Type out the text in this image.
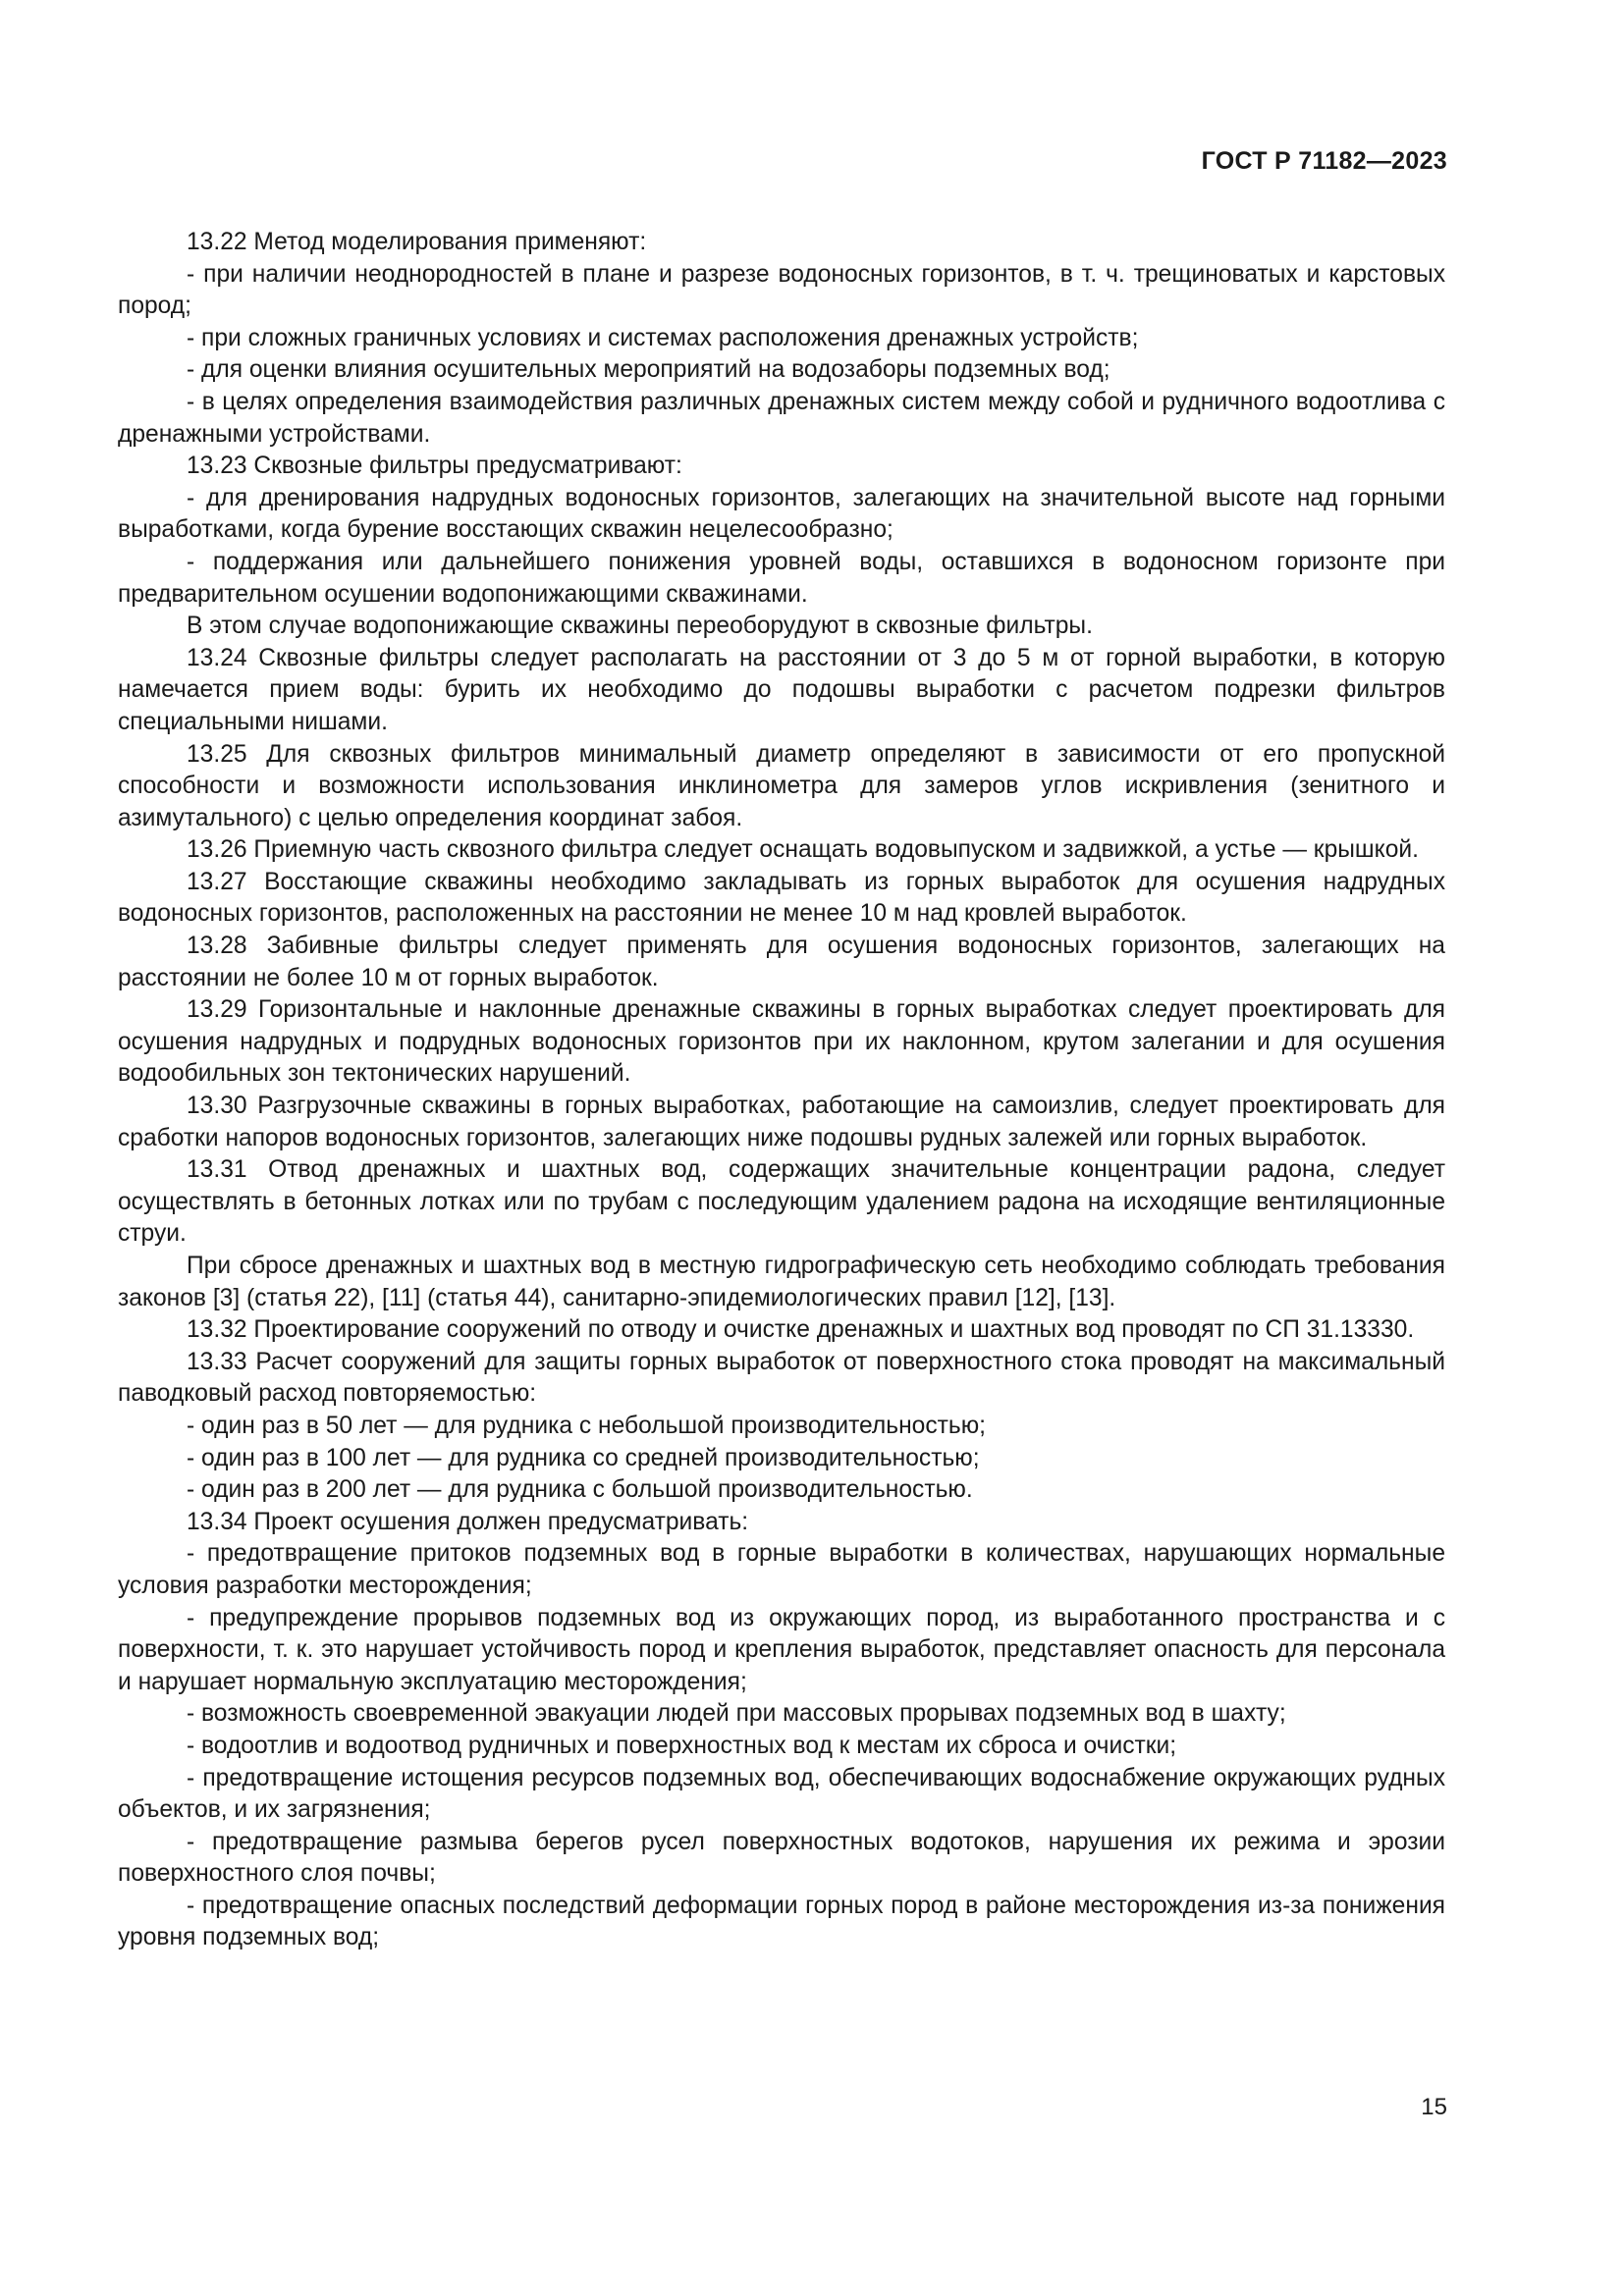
ГОСТ Р 71182—2023

13.22 Метод моделирования применяют:

- при наличии неоднородностей в плане и разрезе водоносных горизонтов, в т. ч. трещиноватых и карстовых пород;

- при сложных граничных условиях и системах расположения дренажных устройств;

- для оценки влияния осушительных мероприятий на водозаборы подземных вод;

- в целях определения взаимодействия различных дренажных систем между собой и рудничного водоотлива с дренажными устройствами.

13.23 Сквозные фильтры предусматривают:

- для дренирования надрудных водоносных горизонтов, залегающих на значительной высоте над горными выработками, когда бурение восстающих скважин нецелесообразно;

- поддержания или дальнейшего понижения уровней воды, оставшихся в водоносном горизонте при предварительном осушении водопонижающими скважинами.

В этом случае водопонижающие скважины переоборудуют в сквозные фильтры.

13.24 Сквозные фильтры следует располагать на расстоянии от 3 до 5 м от горной выработки, в которую намечается прием воды: бурить их необходимо до подошвы выработки с расчетом подрезки фильтров специальными нишами.

13.25 Для сквозных фильтров минимальный диаметр определяют в зависимости от его пропускной способности и возможности использования инклинометра для замеров углов искривления (зенитного и азимутального) с целью определения координат забоя.

13.26 Приемную часть сквозного фильтра следует оснащать водовыпуском и задвижкой, а устье — крышкой.

13.27 Восстающие скважины необходимо закладывать из горных выработок для осушения надрудных водоносных горизонтов, расположенных на расстоянии не менее 10 м над кровлей выработок.

13.28 Забивные фильтры следует применять для осушения водоносных горизонтов, залегающих на расстоянии не более 10 м от горных выработок.

13.29 Горизонтальные и наклонные дренажные скважины в горных выработках следует проектировать для осушения надрудных и подрудных водоносных горизонтов при их наклонном, крутом залегании и для осушения водообильных зон тектонических нарушений.

13.30 Разгрузочные скважины в горных выработках, работающие на самоизлив, следует проектировать для сработки напоров водоносных горизонтов, залегающих ниже подошвы рудных залежей или горных выработок.

13.31 Отвод дренажных и шахтных вод, содержащих значительные концентрации радона, следует осуществлять в бетонных лотках или по трубам с последующим удалением радона на исходящие вентиляционные струи.

При сбросе дренажных и шахтных вод в местную гидрографическую сеть необходимо соблюдать требования законов [3] (статья 22), [11] (статья 44), санитарно-эпидемиологических правил [12], [13].

13.32 Проектирование сооружений по отводу и очистке дренажных и шахтных вод проводят по СП 31.13330.

13.33 Расчет сооружений для защиты горных выработок от поверхностного стока проводят на максимальный паводковый расход повторяемостью:

- один раз в 50 лет — для рудника с небольшой производительностью;

- один раз в 100 лет — для рудника со средней производительностью;

- один раз в 200 лет — для рудника с большой производительностью.

13.34 Проект осушения должен предусматривать:

- предотвращение притоков подземных вод в горные выработки в количествах, нарушающих нормальные условия разработки месторождения;

- предупреждение прорывов подземных вод из окружающих пород, из выработанного пространства и с поверхности, т. к. это нарушает устойчивость пород и крепления выработок, представляет опасность для персонала и нарушает нормальную эксплуатацию месторождения;

- возможность своевременной эвакуации людей при массовых прорывах подземных вод в шахту;

- водоотлив и водоотвод рудничных и поверхностных вод к местам их сброса и очистки;

- предотвращение истощения ресурсов подземных вод, обеспечивающих водоснабжение окружающих рудных объектов, и их загрязнения;

- предотвращение размыва берегов русел поверхностных водотоков, нарушения их режима и эрозии поверхностного слоя почвы;

- предотвращение опасных последствий деформации горных пород в районе месторождения из-за понижения уровня подземных вод;

15
